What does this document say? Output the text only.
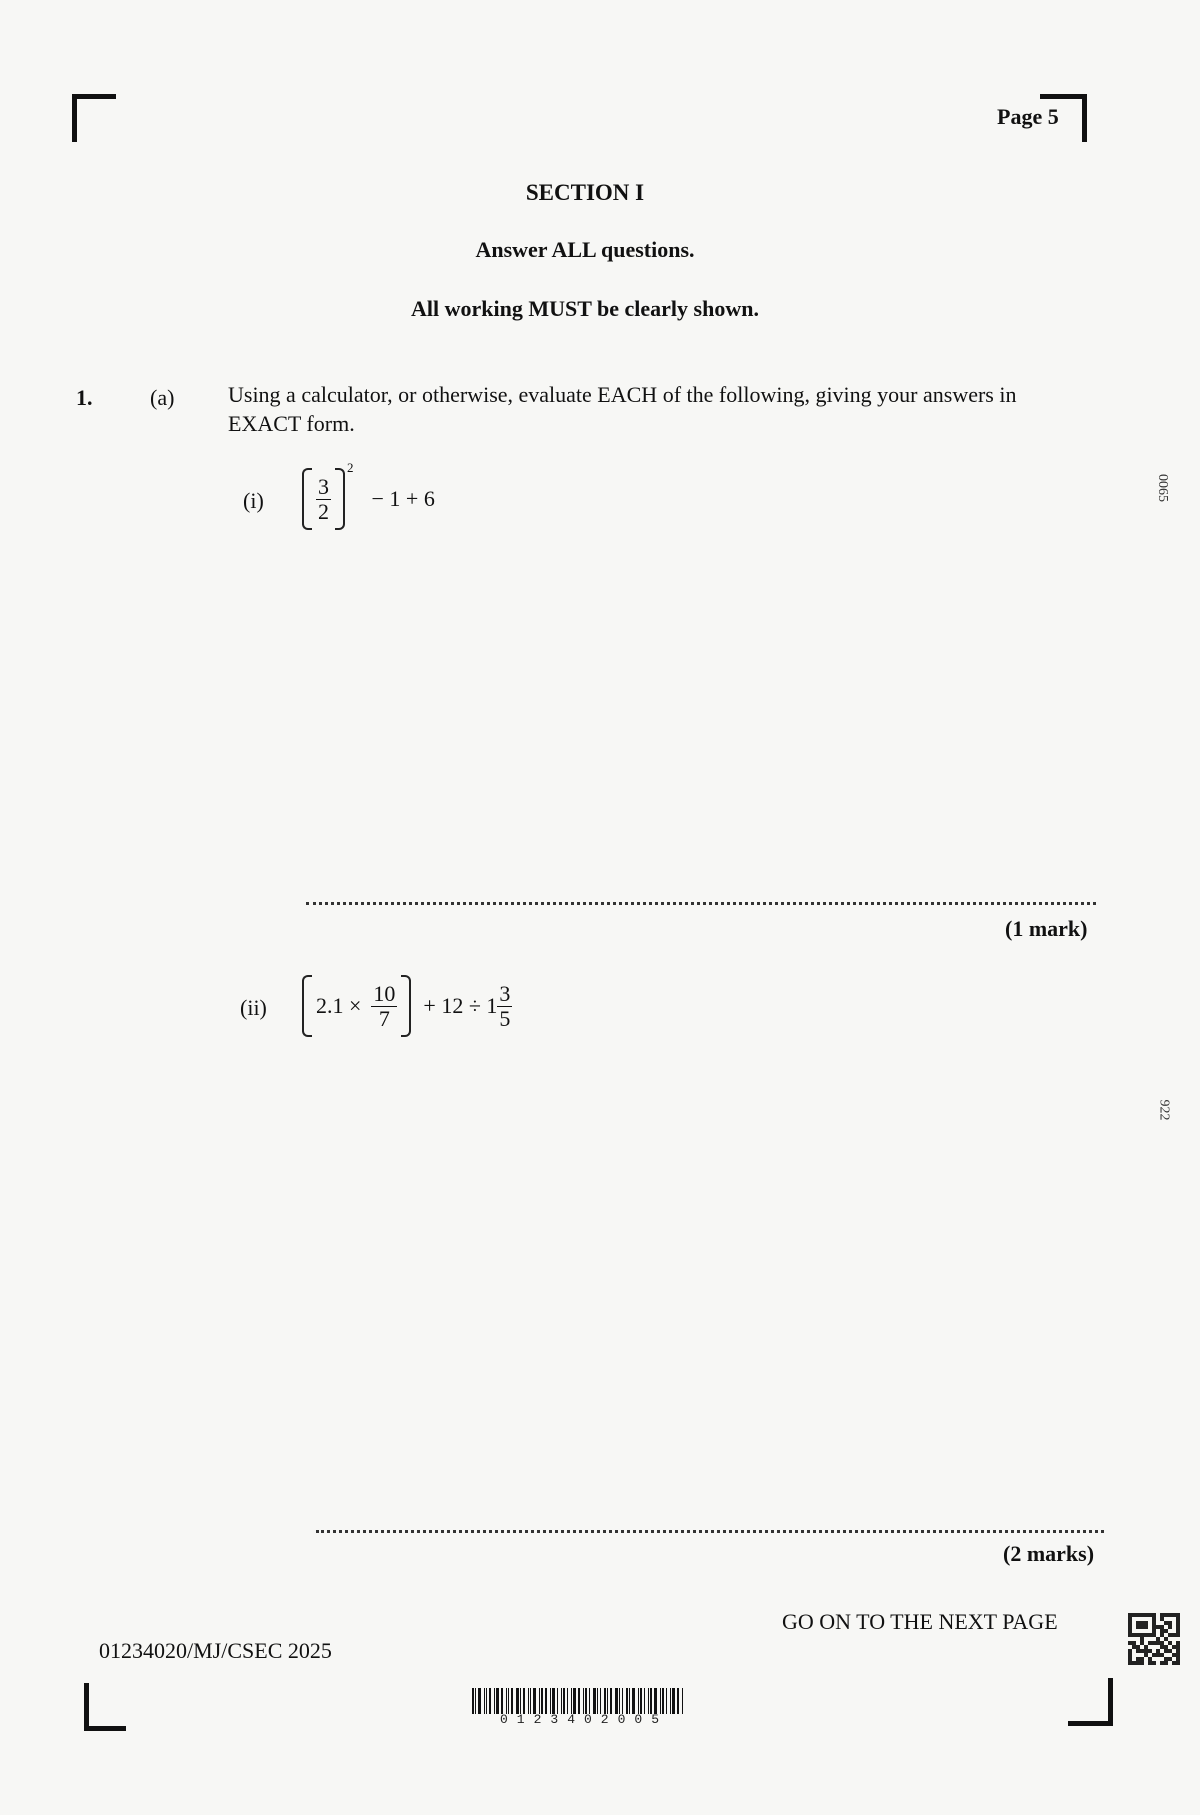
Page 5
SECTION I
Answer ALL questions.
All working MUST be clearly shown.
1.	(a) Using a calculator, or otherwise, evaluate EACH of the following, giving your answers in
EXACT form.
$(i) \frac{3}{2}$
2
− 1 + 6
(1 mark)
(ii) $2.1 \times \frac{10}{7} + 12 \div 1 \frac{3}{5}$
(2 marks)
0065
922
GO ON TO THE NEXT PAGE
01234020/MJ/CSEC 2025
0123402005
